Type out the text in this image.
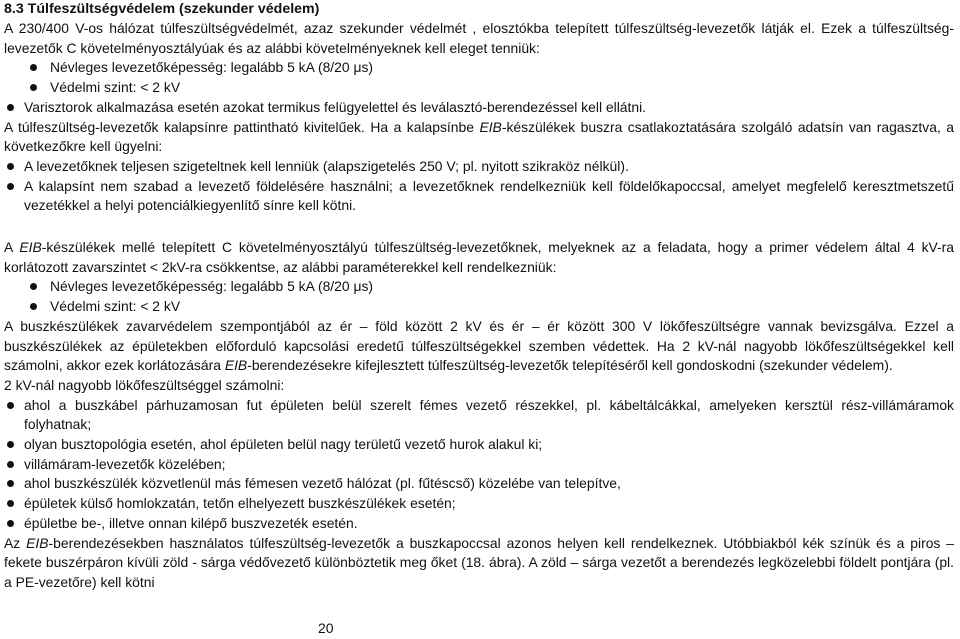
8.3 Túlfeszültségvédelem (szekunder védelem)
A 230/400 V-os hálózat túlfeszültségvédelmét, azaz szekunder védelmét , elosztókba telepített túlfeszültség-levezetők látják el. Ezek a túlfeszültség-levezetők C követelményosztályúak és az alábbi követelményeknek kell eleget tenniük:
Névleges levezetőképesség: legalább 5 kA (8/20 μs)
Védelmi szint: < 2 kV
Varisztorok alkalmazása esetén azokat termikus felügyelettel és leválasztó-berendezéssel kell ellátni.
A túlfeszültség-levezetők kalapsínre pattintható kivitelűek. Ha a kalapsínbe EIB-készülékek buszra csatlakoztatására szolgáló adatsín van ragasztva, a következőkre kell ügyelni:
A levezetőknek teljesen szigeteltnek kell lenniük (alapszigetelés 250 V; pl. nyitott szikraköz nélkül).
A kalapsínt nem szabad a levezető földelésére használni; a levezetőknek rendelkezniük kell földelőkapoccsal, amelyet megfelelő keresztmetszetű vezetékkel a helyi potenciálkiegyenlítő sínre kell kötni.
A EIB-készülékek mellé telepített C követelményosztályú túlfeszültség-levezetőknek, melyeknek az a feladata, hogy a primer védelem által 4 kV-ra korlátozott zavarszintet < 2kV-ra csökkentse, az alábbi paraméterekkel kell rendelkezniük:
Névleges levezetőképesség: legalább 5 kA (8/20 μs)
Védelmi szint: < 2 kV
A buszkészülékek zavarvédelem szempontjából az ér – föld között 2 kV és ér – ér között 300 V lökőfeszültségre vannak bevizsgálva. Ezzel a buszkészülékek az épületekben előforduló kapcsolási eredetű túlfeszültségekkel szemben védettek. Ha 2 kV-nál nagyobb lökőfeszültségekkel kell számolni, akkor ezek korlátozására EIB-berendezésekre kifejlesztett túlfeszültség-levezetők telepítéséről kell gondoskodni (szekunder védelem).
2 kV-nál nagyobb lökőfeszültséggel számolni:
ahol a buszkábel párhuzamosan fut épületen belül szerelt fémes vezető részekkel, pl. kábeltálcákkal, amelyeken kersztül rész-villámáramok folyhatnak;
olyan busztopológia esetén, ahol épületen belül nagy területű vezető hurok alakul ki;
villámáram-levezetők közelében;
ahol buszkészülék közvetlenül más fémesen vezető hálózat (pl. fűtéscső) közelébe van telepítve,
épületek külső homlokzatán, tetőn elhelyezett buszkészülékek esetén;
épületbe be-, illetve onnan kilépő buszvezeték esetén.
Az EIB-berendezésekben használatos túlfeszültség-levezetők a buszkapoccsal azonos helyen kell rendelkeznek. Utóbbiakból kék színük és a piros – fekete buszérpáron kívüli zöld - sárga védővezető különböztetik meg őket (18. ábra). A zöld – sárga vezetőt a berendezés legközelebbi földelt pontjára (pl. a PE-vezetőre) kell kötni
20
